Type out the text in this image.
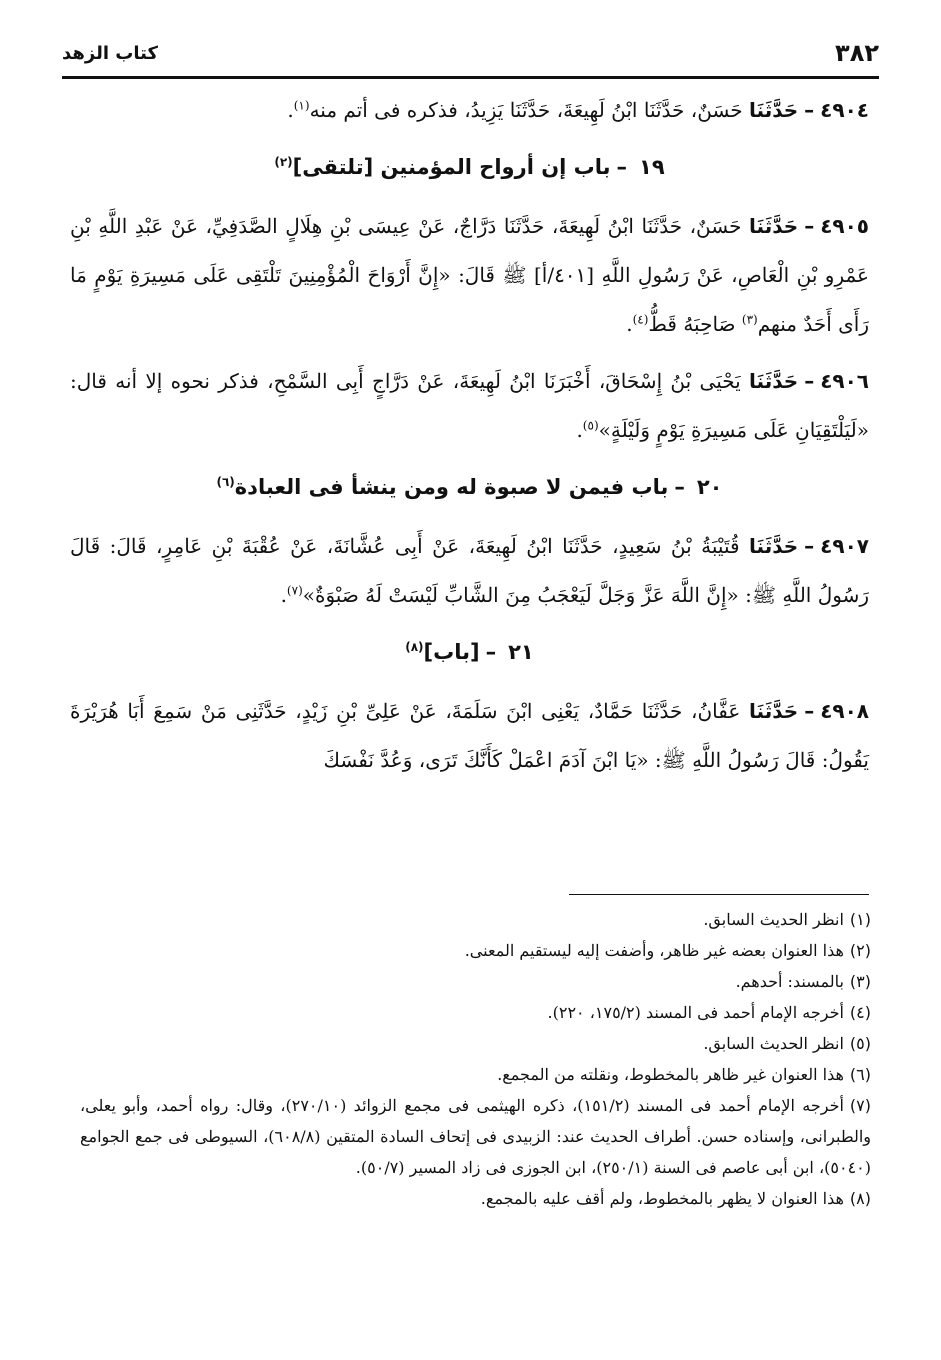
٣٨٢
كتاب الزهد

٤٩٠٤–حَدَّثَنَا حَسَنٌ، حَدَّثَنَا ابْنُ لَهِيعَةَ، حَدَّثَنَا يَزِيدُ، فذكره فى أتم منه$^{(١)}$.

١٩–باب إن أرواح المؤمنين [تلتقى]$^{(٢)}$

٤٩٠٥–حَدَّثَنَا حَسَنٌ، حَدَّثَنَا ابْنُ لَهِيعَةَ، حَدَّثَنَا دَرَّاجٌ، عَنْ عِيسَى بْنِ هِلَالٍ الصَّدَفِيِّ، عَنْ عَبْدِ اللَّهِ بْنِ عَمْرِو بْنِ الْعَاصِ، عَنْ رَسُولِ اللَّهِ [٤٠١/أ] ﷺ قَالَ: «إِنَّ أَرْوَاحَ الْمُؤْمِنِينَ تَلْتَقِى عَلَى مَسِيرَةِ يَوْمٍ مَا رَأَى أَحَدٌ منهم$^{(٣)}$ صَاحِبَهُ قَطُّ$^{(٤)}$.

٤٩٠٦–حَدَّثَنَا يَحْيَى بْنُ إِسْحَاقَ، أَخْبَرَنَا ابْنُ لَهِيعَةَ، عَنْ دَرَّاجٍ أَبِى السَّمْحِ، فذكر نحوه إلا أنه قال: «لَيَلْتَقِيَانِ عَلَى مَسِيرَةِ يَوْمٍ وَلَيْلَةٍ»$^{(٥)}$.

٢٠–باب فيمن لا صبوة له ومن ينشأ فى العبادة$^{(٦)}$

٤٩٠٧–حَدَّثَنَا قُتَيْبَةُ بْنُ سَعِيدٍ، حَدَّثَنَا ابْنُ لَهِيعَةَ، عَنْ أَبِى عُشَّانَةَ، عَنْ عُقْبَةَ بْنِ عَامِرٍ، قَالَ: قَالَ رَسُولُ اللَّهِ ﷺ: «إِنَّ اللَّهَ عَزَّ وَجَلَّ لَيَعْجَبُ مِنَ الشَّابِّ لَيْسَتْ لَهُ صَبْوَةٌ»$^{(٧)}$.

٢١–[باب]$^{(٨)}$

٤٩٠٨–حَدَّثَنَا عَفَّانُ، حَدَّثَنَا حَمَّادٌ، يَعْنِى ابْنَ سَلَمَةَ، عَنْ عَلِىِّ بْنِ زَيْدٍ، حَدَّثَنِى مَنْ سَمِعَ أَبَا هُرَيْرَةَ يَقُولُ: قَالَ رَسُولُ اللَّهِ ﷺ: «يَا ابْنَ آدَمَ اعْمَلْ كَأَنَّكَ تَرَى، وَعُدَّ نَفْسَكَ

(١)انظر الحديث السابق.

(٢)هذا العنوان بعضه غير ظاهر، وأضفت إليه ليستقيم المعنى.

(٣)بالمسند: أحدهم.

(٤)أخرجه الإمام أحمد فى المسند (١٧٥/٢، ٢٢٠).

(٥)انظر الحديث السابق.

(٦)هذا العنوان غير ظاهر بالمخطوط، ونقلته من المجمع.

(٧)أخرجه الإمام أحمد فى المسند (١٥١/٢)، ذكره الهيثمى فى مجمع الزوائد (٢٧٠/١٠)، وقال: رواه أحمد، وأبو يعلى، والطبرانى، وإسناده حسن. أطراف الحديث عند: الزبيدى فى إتحاف السادة المتقين (٦٠٨/٨)، السيوطى فى جمع الجوامع (٥٠٤٠)، ابن أبى عاصم فى السنة (٢٥٠/١)، ابن الجوزى فى زاد المسير (٥٠/٧).

(٨)هذا العنوان لا يظهر بالمخطوط، ولم أقف عليه بالمجمع.
